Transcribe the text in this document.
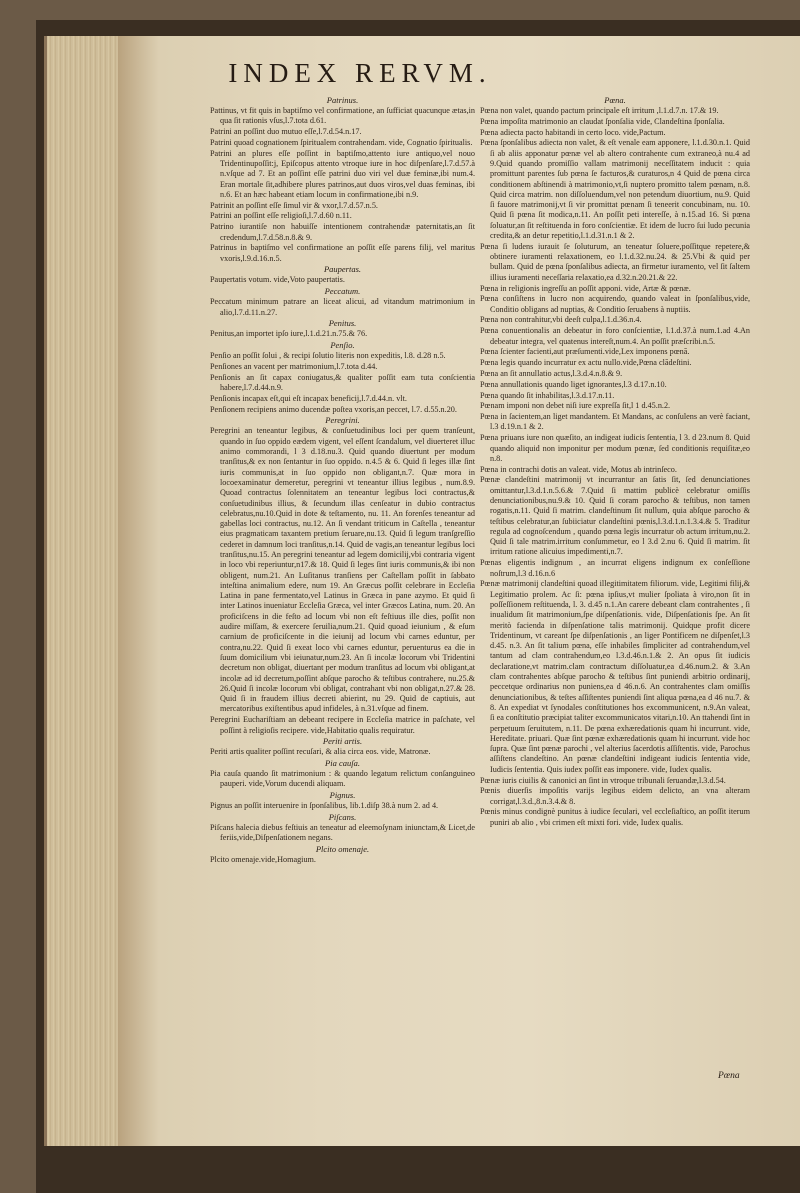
INDEX RERVM.
Patrinus.
Pattinus, vt fit quis in baptiſmo vel confirmatione, an ſufficiat quacunque ætas,in qua ſit rationis vſus,l.7.tota d.61.
Patrini an poſſint duo mutuo eſſe,l.7.d.54.n.17.
Patrini quoad cognationem ſpiritualem contrahendam. vide, Cognatio ſpiritualis.
Patrini an plures eſſe poſſint in baptiſmo,attento iure antiquo,vel nouo Tridentinupoſſit:j, Epiſcopus attento vtroque iure in hoc diſpenſare,l.7.d.57.à n.vſque ad 7. Et an poſſint eſſe patrini duo viri vel duæ feminæ,ibi num.4. Eran mortale ſit,adhibere plures patrinos,aut duos viros,vel duas feminas, ibi n.6. Et an hæc habeant etiam locum in confirmatione,ibi n.9.
Patrinit an poſſint eſſe ſimul vir & vxor,l.7.d.57.n.5.
Patrini an poſſint eſſe religioſi,l.7.d.60 n.11.
Patrino iurantiſe non habuiſſe intentionem contrahendæ paternitatis,an ſit credendum,l.7.d.58.n.8.& 9.
Patrinus in baptiſmo vel confirmatione an poſſit eſſe parens filij, vel maritus vxoris,l.9.d.16.n.5.
Paupertas.
Paupertatis votum. vide,Voto paupertatis.
Peccatum.
Peccatum minimum patrare an liceat alicui, ad vitandum matrimonium in alio,l.7.d.11.n.27.
Penitus.
Penitus,an importet ipſo iure,l.1.d.21.n.75.& 76.
Penſio.
Penſio an poſſit ſolui , & recipi ſolutio literis non expeditis, l.8. d.28 n.5.
Penſiones an vacent per matrimonium,l.7.tota d.44.
Penſionis an ſit capax coniugatus,& qualiter poſſit eam tuta conſcientia habere,l.7.d.44.n.9.
Penſionis incapax eſt,qui eſt incapax beneficij,l.7.d.44.n. vlt.
Penſionem recipiens animo ducendæ poſtea vxoris,an peccet, l.7. d.55.n.20.
Peregrini.
Peregrini an teneantur legibus, & conſuetudinibus loci per quem tranſeunt, quando in ſuo oppido eædem vigent, vel eſſent ſcandalum, vel diuerteret illuc animo commorandi, l 3 d.18.nu.3. Quid quando diuertunt per modum tranſitus,& ex non ſentantur in ſuo oppido. n.4.5 & 6. Quid ſi leges illæ ſint iuris communis,at in ſuo oppido non obligant,n.7. Quæ mora in locoexaminatur demeretur, peregrini vt teneantur illius legibus , num.8.9. Quoad contractus ſolennitatem an teneantur legibus loci contractus,& conſuetudinibus illius, & ſecundum illas cenſeatur in dubio contractus celebratus,nu.10.Quid in dote & teſtamento, nu. 11. An forenſes teneantur ad gabellas loci contractus, nu.12. An ſi vendant triticum in Caſtella , teneantur eius pragmaticam taxantem pretium ſeruare,nu.13. Quid ſi legum tranſgreſſio cederet in damnum loci tranſitus,n.14. Quid de vagis,an teneantur legibus loci tranſitus,nu.15. An peregrini teneantur ad legem domicilij,vbi contraria vigent in loco vbi reperiuntur,n17.& 18. Quid ſi leges ſint iuris communis,& ibi non obligent, num.21. An Luſitanus tranſiens per Caſtellam poſſit in ſabbato inteſtina animalium edere, num 19. An Græcus poſſit celebrare in Eccleſia Latina in pane fermentato,vel Latinus in Græca in pane azymo. Et quid ſi inter Latinos inueniatur Eccleſia Græca, vel inter Græcos Latina, num. 20. An proficiſcens in die feſto ad locum vbi non eſt feſtiuus ille dies, poſſit non audire miſſam, & exercere ſeruilia,num.21. Quid quoad ieiunium , & eſum carnium de proficiſcente in die ieiunij ad locum vbi carnes eduntur, per contra,nu.22. Quid ſi exeat loco vbi carnes eduntur, peruenturus ea die in ſuum domicilium vbi ieiunatur,num.23. An ſi incolæ locorum vbi Tridentini decretum non obligat, diuertant per modum tranſitus ad locum vbi obligant,at incolæ ad id decretum,poſſint abſque parocho & teſtibus contrahere, nu.25.& 26.Quid ſi incolæ locorum vbi obligat, contrahant vbi non obligat,n.27.& 28. Quid ſi in fraudem illius decreti abierint, nu 29. Quid de captiuis, aut mercatoribus exiſtentibus apud infideles, à n.31.vſque ad finem.
Peregrini Euchariſtiam an debeant recipere in Eccleſia matrice in paſchate, vel poſſint à religioſis recipere. vide,Habitatio qualis requiratur.
Periti artis.
Periti artis qualiter poſſint recuſari, & alia circa eos. vide, Matronæ.
Pia cauſa.
Pia cauſa quando ſit matrimonium : & quando legatum relictum conſanguineo pauperi. vide,Vorum ducendi aliquam.
Pignus.
Pignus an poſſit interuenire in ſponſalibus, lib.1.diſp 38.à num 2. ad 4.
Piſcans.
Piſcans haleciа diebus feſtiuis an teneatur ad eleemoſynam iniunctam,& Licet,de feriis,vide,Diſpenſationem negans.
Plcito omenaje.
Plcito omenaje.vide,Homagium.
Pœna.
Pœna non valet, quando pactum principale eſt irritum ,l.1.d.7.n. 17.& 19.
Pœna impoſita matrimonio an claudat ſponſalia vide, Clandeſtina ſponſalia.
Pœna adiecta pacto habitandi in certo loco. vide,Pactum.
Pœna ſponſalibus adiecta non valet, & eſt venale eam apponere, l.1.d.30.n.1. Quid ſi ab aliis apponatur pœnæ vel ab altero contrahente cum extraneo,à nu.4 ad 9.Quid quando promiſſio vallam matrimonij neceſſitatem inducit : quia promittunt parentes ſub pœna ſe facturos,& curaturos,n 4 Quid de pœna circa conditionem abſtinendi à matrimonio,vt,ſi nuptero promitto talem pœnam, n.8. Quid circa matrim. non diſſoluendum,vel non petendum diuortium, nu.9. Quid ſi fauore matrimonij,vt ſi vir promittat pœnam ſi teneerit concubinam, nu. 10. Quid ſi pœna ſit modica,n.11. An poſſit peti intereſſe, à n.15.ad 16. Si pœna ſoluatur,an ſit reſtituenda in foro conſcientiæ. Et idem de lucro ſui ludo pecunia credita,& an detur repetitio,l.1.d.31.n.1 & 2.
Pœna ſi ludens iurauit ſe ſoluturum, an teneatur ſoluere,poſſitque repetere,& obtinere iuramenti relaxationem, eo l.1.d.32.nu.24. & 25.Vbi & quid per bullam. Quid de pœna ſponſalibus adiecta, an firmetur iuramento, vel ſit ſaltem illius iuramenti neceſſaria relaxatio,ea d.32.n.20.21.& 22.
Pœna in religionis ingreſſu an poſſit apponi. vide, Artæ & pœnæ.
Pœna conſiſtens in lucro non acquirendo, quando valeat in ſponſalibus,vide, Conditio obligans ad nuptias, & Conditio ſeruabens à nuptiis.
Pœna non contrahitur,vbi deeſt culpa,l.1.d.36.n.4.
Pœna conuentionalis an debeatur in foro conſcientiæ, l.1.d.37.à num.1.ad 4.An debeatur integra, vel quatenus intereſt,num.4. An poſſit præſcribi.n.5.
Pœna ſcienter facienti,aut præſumenti.vide,Lex imponens pœnā.
Pœna legis quando incurratur ex actu nullo.vide,Pœna clādeſtini.
Pœna an ſit annullatio actus,l.3.d.4.n.8.& 9.
Pœna annullationis quando liget ignorantes,l.3 d.17.n.10.
Pœna quando ſit inhabilitas,l.3.d.17.n.11.
Pœnam imponi non debet niſi iure expreſſa ſit,l 1 d.45.n.2.
Pœna in ſacientem,an liget mandantem. Et Mandans, ac conſulens an verè faciant, l.3 d.19.n.1 & 2.
Pœna priuans iure non quæſito, an indigeat iudicis ſententia, l 3. d 23.num 8. Quid quando aliquid non imponitur per modum pœnæ, ſed conditionis requiſitæ,eo n.8.
Pœna in contrachi dotis an valeat. vide, Motus ab intrinſeco.
Pœnæ clandeſtini matrimonij vt incurrantur an ſatis ſit, ſed denunciationes omittantur,l.3.d.1.n.5.6.& 7.Quid ſi mattim publicè celebratur omiſſis denunciationibus,nu.9.& 10. Quid ſi coram parocho & teſtibus, non tamen rogatis,n.11. Quid ſi matrim. clandeſtinum ſit nullum, quia abſque parocho & teſtibus celebratur,an ſubiiciatur clandeſtini pœnis,l.3.d.1.n.1.3.4.& 5. Traditur regula ad cognoſcendum , quando pœna legis incurratur ob actum irritum,nu.2. Quid ſi tale matrim.irritum conſummetur, eo l 3.d 2.nu 6. Quid ſi matrim. ſit irritum ratione alicuius impedimenti,n.7.
Pœnas eligentis indignum , an incurrat eligens indignum ex conſeſſione noſtrum,l.3 d.16.n.6
Pœnæ matrimonij clandeſtini quoad illegitimitatem filiorum. vide, Legitimi filij,& Legitimatio prolem. Ac ſi: pœna ipſius,vt mulier ſpoliata à viro,non ſit in poſſeſſionem reſtituenda, l. 3. d.45 n.1.An carere debeant clam contrahentes , ſi inualidum ſit matrimonium,ſpe diſpenſationis. vide, Diſpenſationis ſpe. An ſit meritò facienda in diſpenſatione talis matrimonij. Quidque profit dicere Tridentinum, vt careant ſpe diſpenſationis , an liger Pontificem ne diſpenſet,l.3 d.45. n.3. An ſit talium pœna, eſſe inhabiles ſimpliciter ad contrahendum,vel tantum ad clam contrahendum,eo l.3.d.46.n.1.& 2. An opus ſit iudicis declaratione,vt matrim.clam contractum diſſoluatur,ea d.46.num.2. & 3.An clam contrahentes abſque parocho & teſtibus ſint puniendi arbitrio ordinarij, peccetque ordinarius non puniens,ea d 46.n.6. An contrahentes clam omiſſis denunciationibus, & teſtes aſſiſtentes puniendi ſint aliqua pœna,ea d 46 nu.7. & 8. An expediat vt ſynodales conſtitutiones hos excommunicent, n.9.An valeat, ſi ea conſtitutio præcipiat taliter excommunicatos vitari,n.10. An ttahendi ſint in perpetuum ſeruitutem, n.11. De pœna exhæredationis quam hi incurrunt. vide, Hereditate. priuari. Quæ ſint pœnæ exhæredationis quam hi incurrunt. vide hoc ſupra. Quæ ſint pœnæ parochi , vel alterius ſacerdotis aſſiſtentis. vide, Parochus aſſiſtens clandeſtino. An pœnæ clandeſtini indigeant iudicis ſententia vide, Iudicis ſententia. Quis iudex poſſit eas imponere. vide, Iudex qualis.
Pœnæ iuris ciuilis & canonici an ſint in vtroque tribunali ſeruandæ,l.3.d.54.
Pœnis diuerſis impoſitis varijs legibus eidem delicto, an vna alteram corrigat,l.3.d.,8.n.3.4.& 8.
Pœnis minus condignè punitus à iudice ſeculari, vel eccleſiaſtico, an poſſit iterum puniri ab alio , vbi crimen eſt mixti fori. vide, Iudex qualis.
Pœna
